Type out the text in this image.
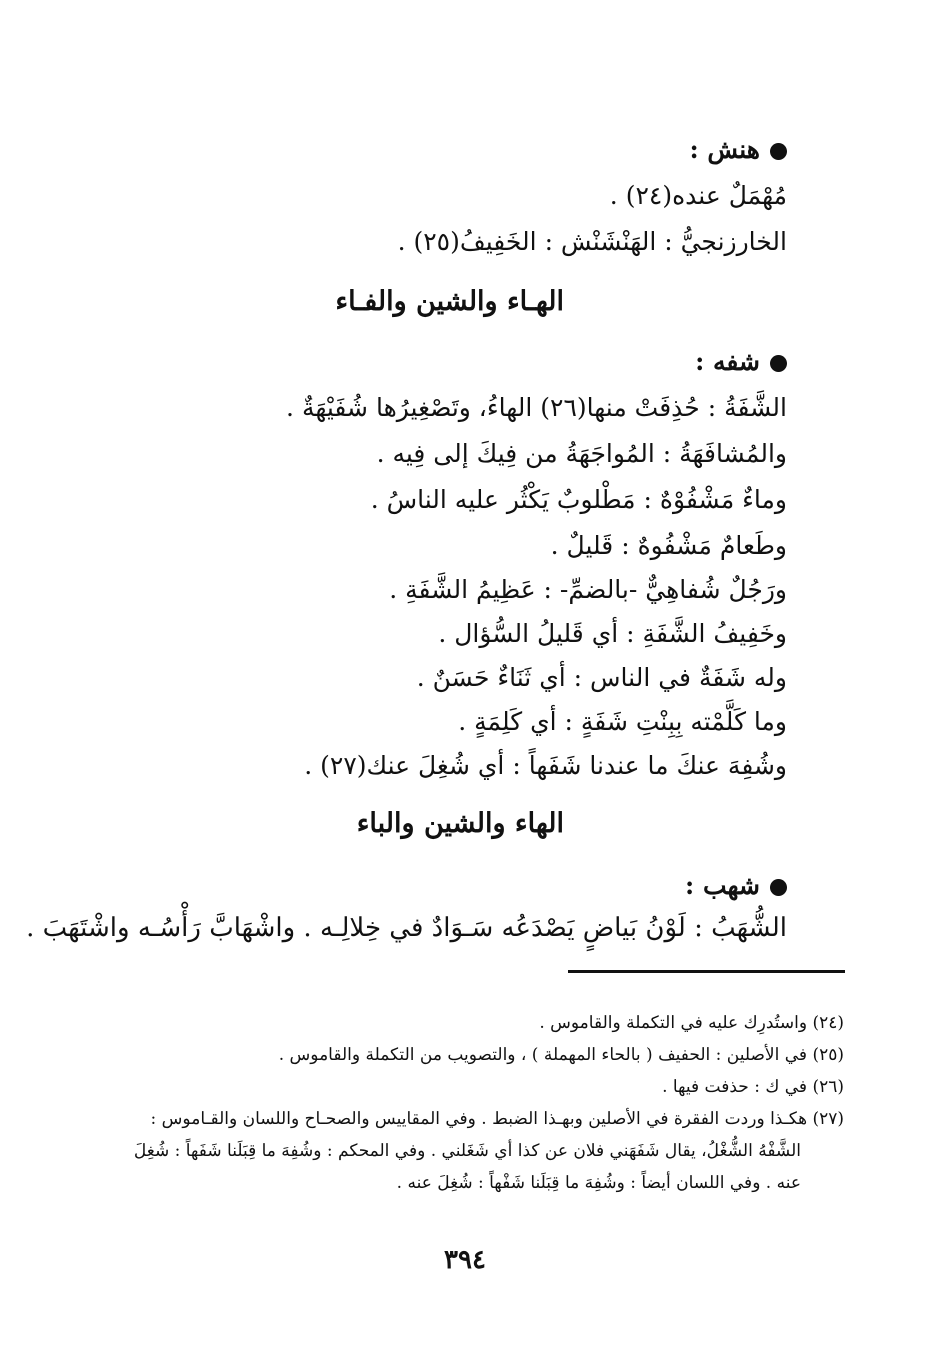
هنش :
مُهْمَلٌ عنده(٢٤) .
الخارزنجيُّ : الهَنْشَنْش : الخَفِيفُ(٢٥) .
الهـاء والشين والفـاء
شفه :
الشَّفَةُ : حُذِفَتْ منها(٢٦) الهاءُ، وتَصْغِيرُها شُفَيْهَةٌ .
والمُشافَهَةُ : المُواجَهَةُ من فِيكَ إلى فِيه .
وماءٌ مَشْفُوْهٌ : مَطْلوبٌ يَكْثُر عليه الناسُ .
وطَعامٌ مَشْفُوهٌ : قَليلٌ .
ورَجُلٌ شُفاهِيٌّ -بالضمِّ- : عَظِيمُ الشَّفَةِ .
وخَفِيفُ الشَّفَةِ : أي قَليلُ السُّؤال .
وله شَفَةٌ في الناس : أي ثَنَاءٌ حَسَنٌ .
وما كَلَّمْته بِبِنْتِ شَفَةٍ : أي كَلِمَةٍ .
وشُفِهَ عنكَ ما عندنا شَفَهاً : أي شُغِلَ عنك(٢٧) .
الهاء والشين والباء
شهب :
الشُّهَبُ : لَوْنُ بَياضٍ يَصْدَعُه سَـوَادٌ في خِلالِـه . واشْهَابَّ رَأْسُـه واشْتَهَبَ .
(٢٤) واستُدرِك عليه في التكملة والقاموس .
(٢٥) في الأصلين : الحفيف ( بالحاء المهملة ) ، والتصويب من التكملة والقاموس .
(٢٦) في ك : حذفت فيها .
(٢٧) هكـذا وردت الفقرة في الأصلين وبهـذا الضبط . وفي المقاييس والصحـاح واللسان والقـاموس :
الشَّفْهُ الشُّغْلُ، يقال شَفَهَني فلان عن كذا أي شَغَلني . وفي المحكم : وشُفِهَ ما قِبَلَنا شَفَهاً : شُغِلَ
عنه . وفي اللسان أيضاً : وشُفِهَ ما قِبَلَنا شَفْهاً : شُغِلَ عنه .
٣٩٤
